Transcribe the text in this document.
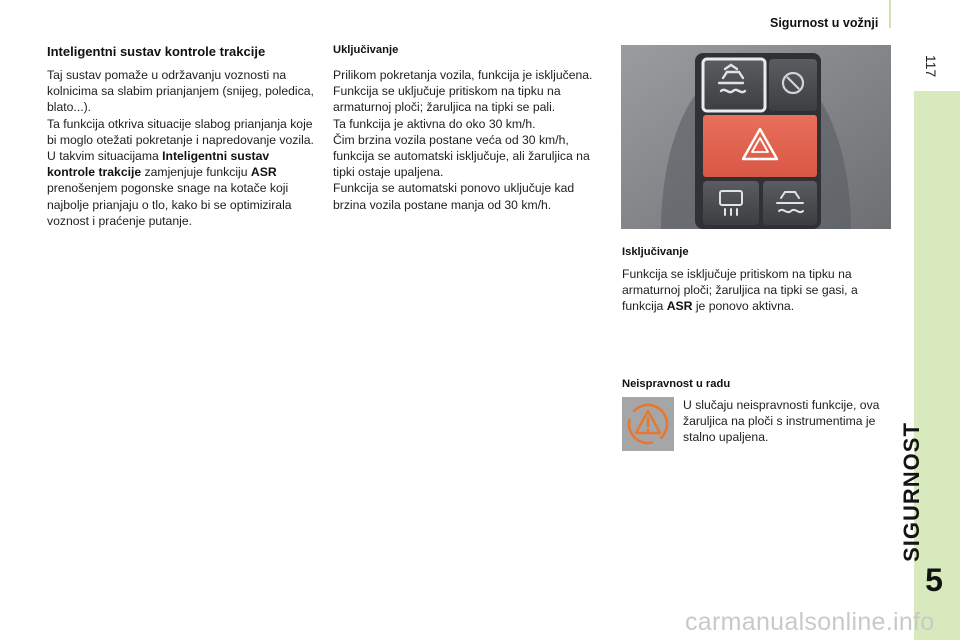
Sigurnost u vožnji
117
SIGURNOST
5
Inteligentni sustav kontrole trakcije

Taj sustav pomaže u održavanju voznosti na kolnicima sa slabim prianjanjem (snijeg, poledica, blato...).

Ta funkcija otkriva situacije slabog prianjanja koje bi moglo otežati pokretanje i napredovanje vozila.

U takvim situacijama Inteligentni sustav kontrole trakcije zamjenjuje funkciju ASR prenošenjem pogonske snage na kotače koji najbolje prianjaju o tlo, kako bi se optimizirala voznost i praćenje putanje.

Uključivanje

Prilikom pokretanja vozila, funkcija je isključena.

Funkcija se uključuje pritiskom na tipku na armaturnoj ploči; žaruljica na tipki se pali.

Ta funkcija je aktivna do oko 30 km/h.

Čim brzina vozila postane veća od 30 km/h, funkcija se automatski isključuje, ali žaruljica na tipki ostaje upaljena.

Funkcija se automatski ponovo uključuje kad brzina vozila postane manja od 30 km/h.

Isključivanje

Funkcija se isključuje pritiskom na tipku na armaturnoj ploči; žaruljica na tipki se gasi, a funkcija ASR je ponovo aktivna.

Neispravnost u radu
U slučaju neispravnosti funkcije, ova žaruljica na ploči s instrumentima je stalno upaljena.
carmanualsonline.info
